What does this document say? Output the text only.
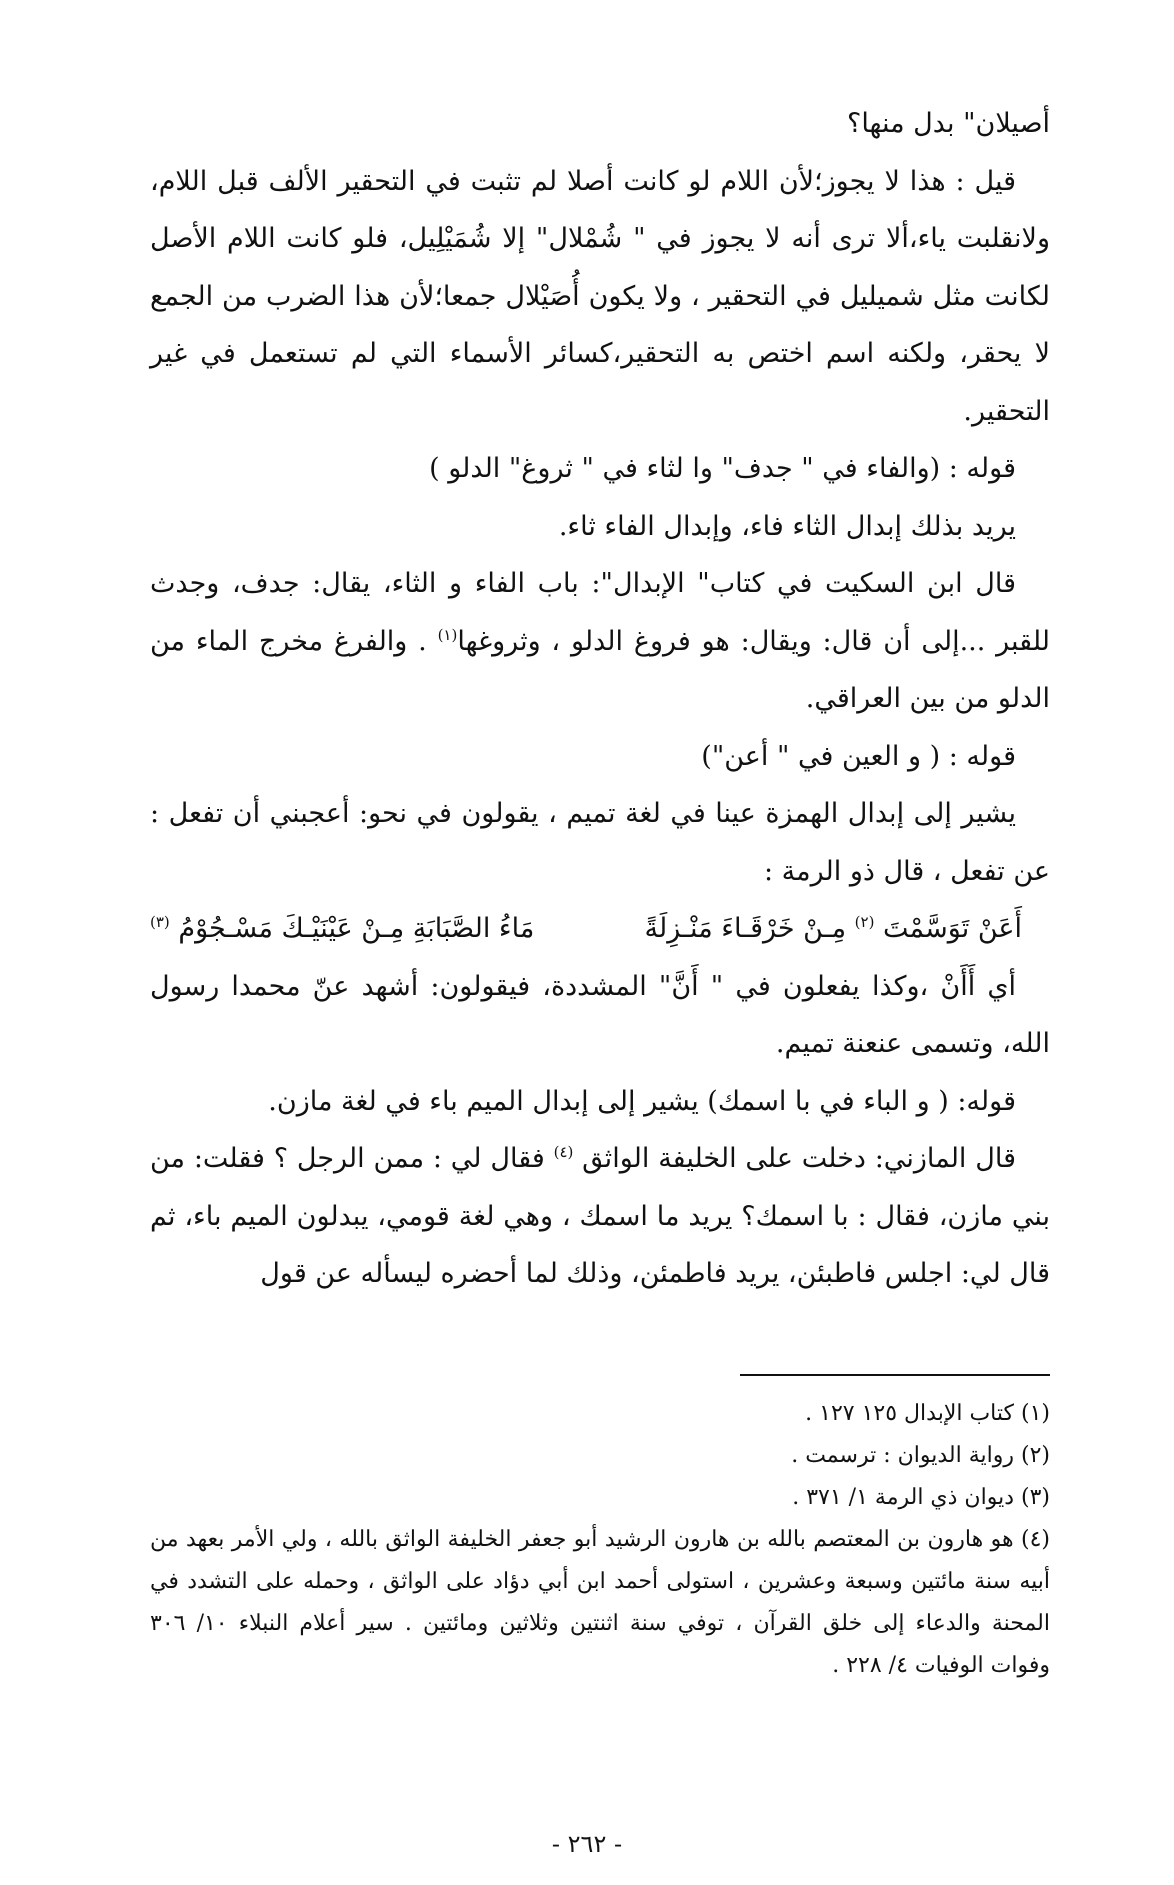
أصيلان" بدل منها؟

قيل : هذا لا يجوز؛لأن اللام لو كانت أصلا لم تثبت في التحقير الألف قبل اللام، ولانقلبت ياء،ألا ترى أنه لا يجوز في " شُمْلال" إلا شُمَيْلِيل، فلو كانت اللام الأصل لكانت مثل شميليل في التحقير ، ولا يكون أُصَيْلال جمعا؛لأن هذا الضرب من الجمع لا يحقر، ولكنه اسم اختص به التحقير،كسائر الأسماء التي لم تستعمل في غير التحقير.

قوله : (والفاء في " جدف" وا لثاء في " ثروغ" الدلو )

يريد بذلك إبدال الثاء فاء، وإبدال الفاء ثاء.

قال ابن السكيت في كتاب" الإبدال": باب الفاء و الثاء، يقال: جدف، وجدث للقبر ...إلى أن قال: ويقال: هو فروغ الدلو ، وثروغها$^{(١)}$ . والفرغ مخرج الماء من الدلو من بين العراقي.

قوله : ( و العين في " أعن")

يشير إلى إبدال الهمزة عينا في لغة تميم ، يقولون في نحو: أعجبني أن تفعل : عن تفعل ، قال ذو الرمة :

أَعَنْ تَوَسَّمْتَ $^{(٢)}$ مِـنْ خَرْقَـاءَ مَنْـزِلَةً
مَاءُ الصَّبَابَةِ مِـنْ عَيْنَيْـكَ مَسْـجُوْمُ $^{(٣)}$

أي أَأَنْ ،وكذا يفعلون في " أَنَّ" المشددة، فيقولون: أشهد عنّ محمدا رسول الله، وتسمى عنعنة تميم.

قوله: ( و الباء في با اسمك) يشير إلى إبدال الميم باء في لغة مازن.

قال المازني: دخلت على الخليفة الواثق $^{(٤)}$ فقال لي : ممن الرجل ؟ فقلت: من بني مازن، فقال : با اسمك؟ يريد ما اسمك ، وهي لغة قومي، يبدلون الميم باء، ثم قال لي: اجلس فاطبئن، يريد فاطمئن، وذلك لما أحضره ليسأله عن قول

(١) كتاب الإبدال ١٢٥ ١٢٧ .

(٢) رواية الديوان : ترسمت .

(٣) ديوان ذي الرمة ١/ ٣٧١ .

(٤) هو هارون بن المعتصم بالله بن هارون الرشيد أبو جعفر الخليفة الواثق بالله ، ولي الأمر بعهد من أبيه سنة مائتين وسبعة وعشرين ، استولى أحمد ابن أبي دؤاد على الواثق ، وحمله على التشدد في المحنة والدعاء إلى خلق القرآن ، توفي سنة اثنتين وثلاثين ومائتين . سير أعلام النبلاء ١٠/ ٣٠٦ وفوات الوفيات ٤/ ٢٢٨ .

- ٢٦٢ -
